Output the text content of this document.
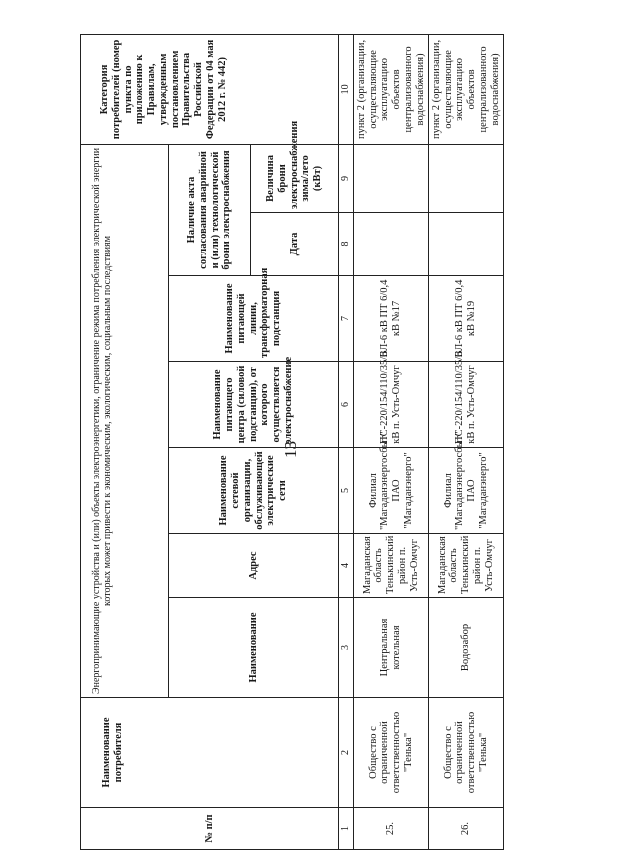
13
№ п/п	Наименование потребителя	Энергопринимающие устройства и (или) объекты электроэнергетики, ограничение режима потребления электрической энергии которых может привести к экономическим, экологическим, социальным последствиям							Категория потребителей (номер пункта по приложению к Правилам, утвержденным постановлением Правительства Российской Федерации от 04 мая 2012 г. № 442)
		Наименование	Адрес	Наименование сетевой организации, обслуживающей электрические сети	Наименование питающего центра (силовой подстанции), от которого осуществляется электроснабжение	Наименование питающей линии, трансформаторная подстанция	Наличие акта согласования аварийной и (или) технологической брони электроснабжения		
							Дата	Величина брони электроснабжения зима/лето (кВт)	
1	2	3	4	5	6	7	8	9	10
25.	Общество с ограниченной ответственностью "Тенька"	Центральная котельная	Магаданская область Тенькинский район п. Усть-Омчуг	Филиал "Магаданэнергосбыт" ПАО "Магаданэнерго"	ПС-220/154/110/35/6 кВ п. Усть-Омчуг	ВЛ-6 кВ ПТ 6/0,4 кВ №17			пункт 2 (организации, осуществляющие эксплуатацию объектов централизованного водоснабжения)
26.	Общество с ограниченной ответственностью "Тенька"	Водозабор	Магаданская область Тенькинский район п. Усть-Омчуг	Филиал "Магаданэнергосбыт" ПАО "Магаданэнерго"	ПС-220/154/110/35/6 кВ п. Усть-Омчуг	ВЛ-6 кВ ПТ 6/0,4 кВ №19			пункт 2 (организации, осуществляющие эксплуатацию объектов централизованного водоснабжения)
